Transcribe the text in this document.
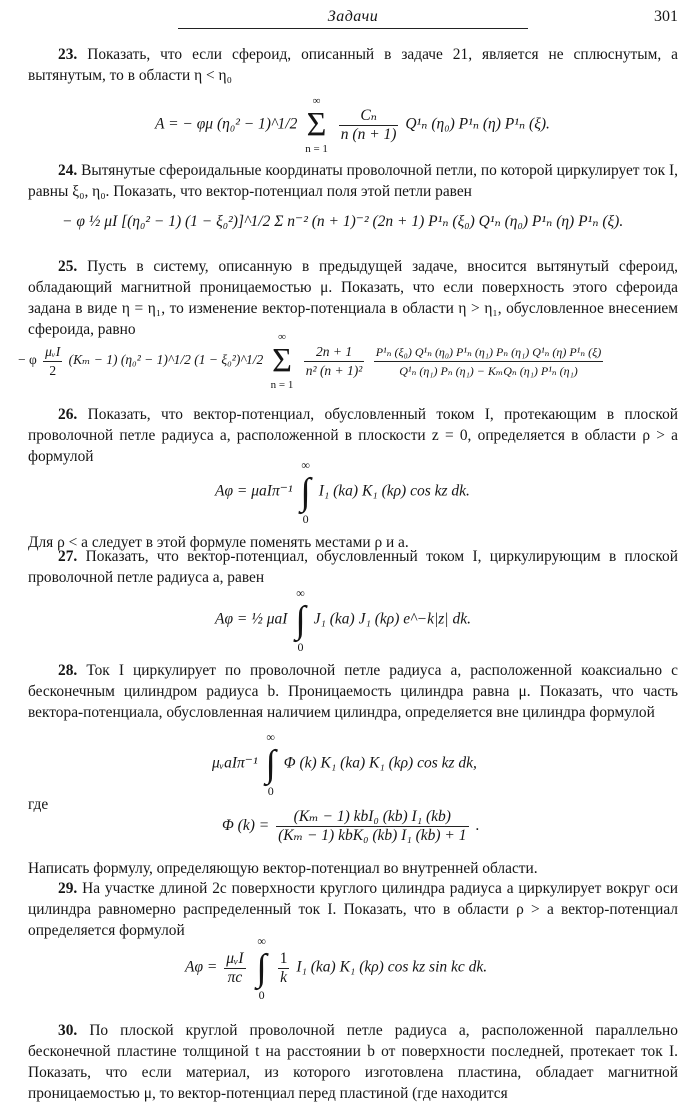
Задачи	301

23. Показать, что если сфероид, описанный в задаче 21, является не сплюснутым, а вытянутым, то в области η < η₀

A = − φμ (η₀² − 1)^1/2
∞
Σ
n = 1

$\frac{\text{Cₙ}}{n (n + 1)} Q^1_n$ (η₀) P¹ₙ (η) P¹ₙ (ξ).

24. Вытянутые сфероидальные координаты проволочной петли, по которой циркулирует ток I, равны ξ₀, η₀. Показать, что вектор-потенциал поля этой петли равен

− φ ½ μI [(η₀² − 1) (1 − ξ₀²)]^1/2 Σ n⁻² (n + 1)⁻² (2n + 1) P¹ₙ (ξ₀) Q¹ₙ (η₀) P¹ₙ (η) P¹ₙ (ξ).

25. Пусть в систему, описанную в предыдущей задаче, вносится вытянутый сфероид, обладающий магнитной проницаемостью μ. Показать, что если поверхность этого сфероида задана в виде η = η₁, то изменение вектор-потенциала в области η > η₁, обусловленное внесением сфероида, равно

− φ $\frac{\text{μᵥI}}{2} (K_m - 1) (\eta_0^2$ − 1)^1/2 (1 − ξ₀²)^1/2
∞
Σ
n = 1

$\frac{2n + 1}{\text{n² (n + 1)²}}$
$\frac{\text{P¹ₙ (ξ₀) Q¹ₙ (η₀) P¹ₙ (η₁) Pₙ (η₁) Q¹ₙ (η) P¹ₙ (ξ)}}{\text{Q¹ₙ (η₁) Pₙ (η₁) − KₘQₙ (η₁) P¹ₙ (η₁)}}$

26. Показать, что вектор-потенциал, обусловленный током I, протекающим в плоской проволочной петле радиуса a, расположенной в плоскости z = 0, определяется в области ρ > a формулой

Aφ = μaIπ⁻¹
∞
∫
0
I₁ (ka) K₁ (kρ) cos kz dk.

Для ρ < a следует в этой формуле поменять местами ρ и a.

27. Показать, что вектор-потенциал, обусловленный током I, циркулирующим в плоской проволочной петле радиуса a, равен

Aφ = ½ μaI
∞
∫
0
J₁ (ka) J₁ (kρ) e^−k|z| dk.

28. Ток I циркулирует по проволочной петле радиуса a, расположенной коаксиально с бесконечным цилиндром радиуса b. Проницаемость цилиндра равна μ. Показать, что часть вектора-потенциала, обусловленная наличием цилиндра, определяется вне цилиндра формулой

μᵥaIπ⁻¹
∞
∫
0
Φ (k) K₁ (ka) K₁ (kρ) cos kz dk,
где
Φ $(k) = \frac{\text{(Kₘ − 1) kbI₀ (kb) I₁ (kb)}}{\text{(Kₘ − 1) kbK₀ (kb) I₁ (kb) + 1}}$ .

Написать формулу, определяющую вектор-потенциал во внутренней области.

29. На участке длиной 2c поверхности круглого цилиндра радиуса a циркулирует вокруг оси цилиндра равномерно распределенный ток I. Показать, что в области ρ > a вектор-потенциал определяется формулой

$A\varphi = \frac{\text{μᵥI}}{\pi c}$

∞
∫
0

$\frac{1}{k} I_1$ (ka) K₁ (kρ) cos kz sin kc dk.

30. По плоской круглой проволочной петле радиуса a, расположенной параллельно бесконечной пластине толщиной t на расстоянии b от поверхности последней, протекает ток I. Показать, что если материал, из которого изготовлена пластина, обладает магнитной проницаемостью μ, то вектор-потенциал перед пластиной (где находится
